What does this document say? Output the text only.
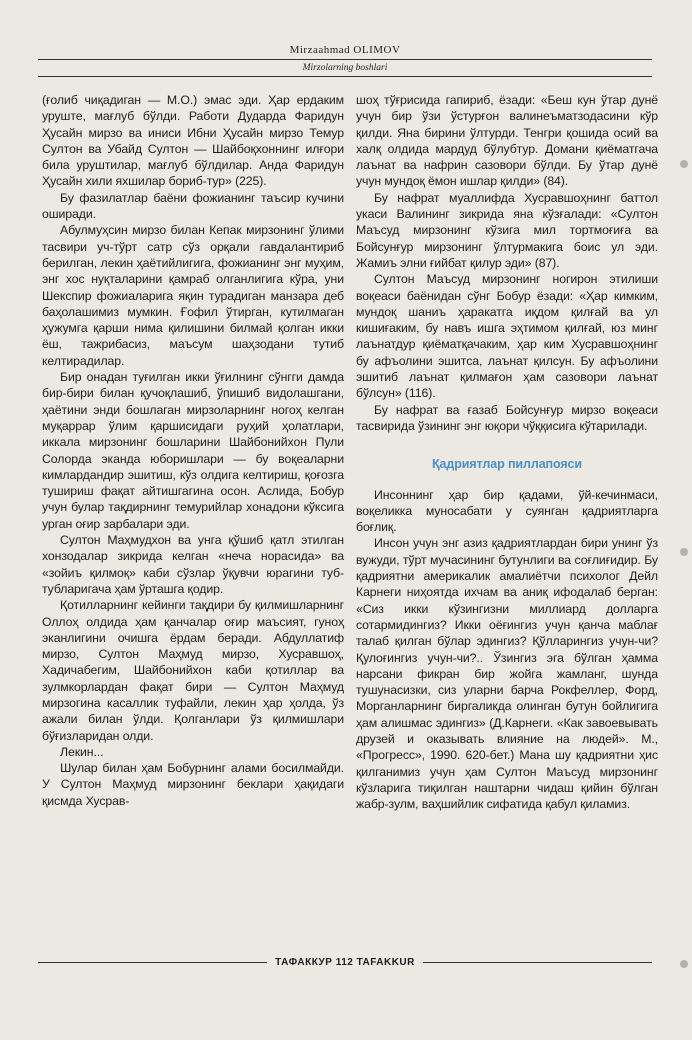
Mirzaahmad OLIMOV
Mirzolarning boshlari

(ғолиб чиқадиган — М.О.) эмас эди. Ҳар ердаким уруште, мағлуб бўлди. Работи Дударда Фаридун Ҳусайн мирзо ва иниси Ибни Ҳусайн мирзо Темур Султон ва Убайд Султон — Шайбоқхоннинг илғори била уруштилар, мағлуб бўлдилар. Анда Фаридун Ҳусайн хили яхшилар бориб-тур» (225).

Бу фазилатлар баёни фожианинг таъсир кучини оширади.

Абулмуҳсин мирзо билан Кепак мирзонинг ўлими тасвири уч-тўрт сатр сўз орқали гавдалантириб берилган, лекин ҳаётийлигига, фожианинг энг муҳим, энг хос нуқталарини қамраб олганлигига кўра, уни Шекспир фожиаларига яқин турадиган манзара деб баҳолашимиз мумкин. Ғофил ўтирган, кутилмаган ҳужумга қарши нима қилишини билмай қолган икки ёш, тажрибасиз, маъсум шаҳзодани тутиб келтирадилар.

Бир онадан туғилган икки ўғилнинг сўнгги дамда бир-бири билан қучоқлашиб, ўпишиб видолашгани, ҳаётини энди бошлаган мирзоларнинг ногоҳ келган муқаррар ўлим қаршисидаги руҳий ҳолатлари, иккала мирзонинг бошларини Шайбонийхон Пули Солорда эканда юборишлари — бу воқеаларни кимлардандир эшитиш, кўз олдига келтириш, қоғозга тушириш фақат айтишгагина осон. Аслида, Бобур учун булар тақдирнинг темурийлар хонадони кўксига урган оғир зарбалари эди.

Султон Маҳмудхон ва унга қўшиб қатл этилган хонзодалар зикрида келган «неча норасида» ва «зойиъ қилмоқ» каби сўзлар ўқувчи юрагини туб-тубларигача ҳам ўрташга қодир.

Қотилларнинг кейинги тақдири бу қилмишларнинг Оллоҳ олдида ҳам қанчалар оғир маъсият, гуноҳ эканлигини очишга ёрдам беради. Абдуллатиф мирзо, Султон Маҳмуд мирзо, Хусравшоҳ, Хадичабегим, Шайбонийхон каби қотиллар ва зулмкорлардан фақат бири — Султон Маҳмуд мирзогина касаллик туфайли, лекин ҳар ҳолда, ўз ажали билан ўлди. Қолганлари ўз қилмишлари бўғизларидан олди.

Лекин...

Шулар билан ҳам Бобурнинг алами босилмайди. У Султон Маҳмуд мирзонинг беклари ҳақидаги қисмда Хусрав-

шоҳ тўғрисида гапириб, ёзади: «Беш кун ўтар дунё учун бир ўзи ўстурғон валинеъматзодасини кўр қилди. Яна бирини ўлтурди. Тенгри қошида осий ва халқ олдида мардуд бўлубтур. Домани қиёматгача лаънат ва нафрин сазовори бўлди. Бу ўтар дунё учун мундоқ ёмон ишлар қилди» (84).

Бу нафрат муаллифда Хусравшоҳнинг баттол укаси Валининг зикрида яна кўзғалади: «Султон Маъсуд мирзонинг кўзига мил тортмоғиға ва Бойсунғур мирзонинг ўлтурмакига боис ул эди. Жамиъ элни ғийбат қилур эди» (87).

Султон Маъсуд мирзонинг ногирон этилиши воқеаси баёнидан сўнг Бобур ёзади: «Ҳар кимким, мундоқ шаниъ ҳаракатга иқдом қилғай ва ул кишиғаким, бу навъ ишга эҳтимом қилғай, юз минг лаънатдур қиёматқачаким, ҳар ким Хусравшоҳнинг бу афъолини эшитса, лаънат қилсун. Бу афъолини эшитиб лаънат қилмағон ҳам сазовори лаънат бўлсун» (116).

Бу нафрат ва ғазаб Бойсунғур мирзо воқеаси тасвирида ўзининг энг юқори чўққисига кўтарилади.

Қадриятлар пиллапояси

Инсоннинг ҳар бир қадами, ўй-кечинмаси, воқеликка муносабати у суянган қадриятларга боғлиқ.

Инсон учун энг азиз қадриятлардан бири унинг ўз вужуди, тўрт мучасининг бутунлиги ва соғлиғидир. Бу қадриятни америкалик амалиётчи психолог Дейл Карнеги ниҳоятда ихчам ва аниқ ифодалаб берган: «Сиз икки кўзингизни миллиард долларга сотармидингиз? Икки оёғингиз учун қанча маблағ талаб қилган бўлар эдингиз? Қўлларингиз учун-чи? Қулоғингиз учун-чи?.. Ўзингиз эга бўлган ҳамма нарсани фикран бир жойга жамланг, шунда тушунасизки, сиз уларни барча Рокфеллер, Форд, Морганларнинг биргаликда олинган бутун бойлигига ҳам алишмас эдингиз» (Д.Карнеги. «Как завоевывать друзей и оказывать влияние на людей». М., «Прогресс», 1990. 620-бет.) Мана шу қадриятни ҳис қилганимиз учун ҳам Султон Маъсуд мирзонинг кўзларига тиқилган наштарни чидаш қийин бўлган жабр-зулм, ваҳшийлик сифатида қабул қиламиз.

ТАФАККУР 112 TAFAKKUR
